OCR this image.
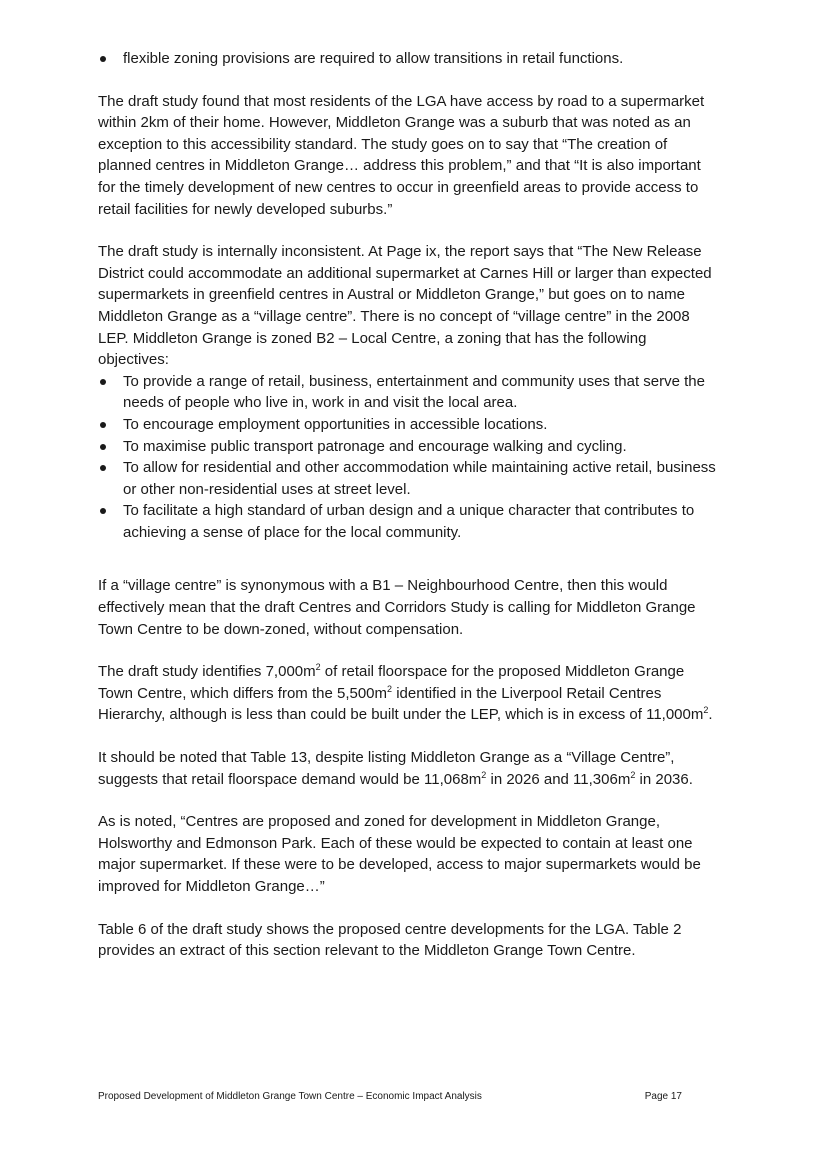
flexible zoning provisions are required to allow transitions in retail functions.

The draft study found that most residents of the LGA have access by road to a supermarket within 2km of their home. However, Middleton Grange was a suburb that was noted as an exception to this accessibility standard. The study goes on to say that “The creation of planned centres in Middleton Grange… address this problem,” and that “It is also important for the timely development of new centres to occur in greenfield areas to provide access to retail facilities for newly developed suburbs.”

The draft study is internally inconsistent. At Page ix, the report says that “The New Release District could accommodate an additional supermarket at Carnes Hill or larger than expected supermarkets in greenfield centres in Austral or Middleton Grange,” but goes on to name Middleton Grange as a “village centre”. There is no concept of “village centre” in the 2008 LEP. Middleton Grange is zoned B2 – Local Centre, a zoning that has the following objectives:

To provide a range of retail, business, entertainment and community uses that serve the needs of people who live in, work in and visit the local area.
To encourage employment opportunities in accessible locations.
To maximise public transport patronage and encourage walking and cycling.
To allow for residential and other accommodation while maintaining active retail, business or other non-residential uses at street level.
To facilitate a high standard of urban design and a unique character that contributes to achieving a sense of place for the local community.

If a “village centre” is synonymous with a B1 – Neighbourhood Centre, then this would effectively mean that the draft Centres and Corridors Study is calling for Middleton Grange Town Centre to be down-zoned, without compensation.

The draft study identifies $7,000m^2$ of retail floorspace for the proposed Middleton Grange Town Centre, which differs from the $5,500m^2$ identified in the Liverpool Retail Centres Hierarchy, although is less than could be built under the LEP, which is in excess of $11,000m^2$.

It should be noted that Table 13, despite listing Middleton Grange as a “Village Centre”, suggests that retail floorspace demand would be $11,068m^2$ in 2026 and $11,306m^2$ in 2036.

As is noted, “Centres are proposed and zoned for development in Middleton Grange, Holsworthy and Edmonson Park. Each of these would be expected to contain at least one major supermarket. If these were to be developed, access to major supermarkets would be improved for Middleton Grange…”

Table 6 of the draft study shows the proposed centre developments for the LGA. Table 2 provides an extract of this section relevant to the Middleton Grange Town Centre.

Proposed Development of Middleton Grange Town Centre – Economic Impact Analysis	Page 17
